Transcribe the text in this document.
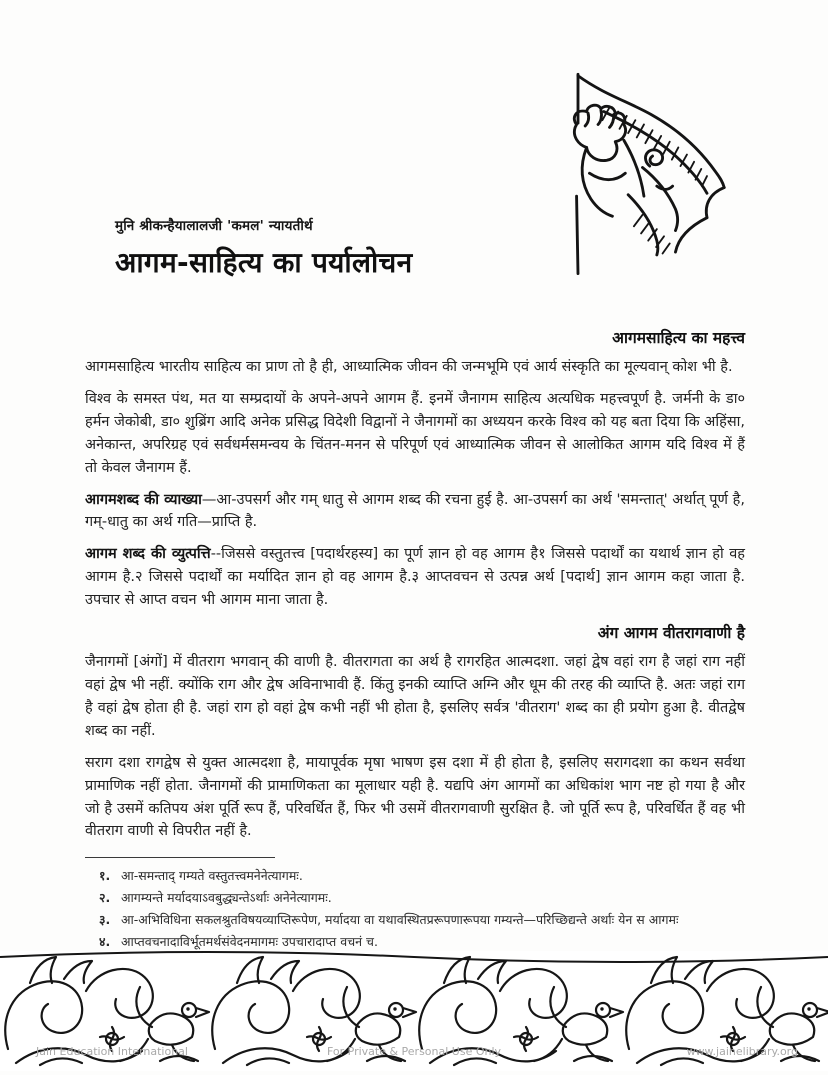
मुनि श्रीकन्हैयालालजी 'कमल' न्यायतीर्थ
आगम-साहित्य का पर्यालोचन
आगमसाहित्य का महत्त्व

आगमसाहित्य भारतीय साहित्य का प्राण तो है ही, आध्यात्मिक जीवन की जन्मभूमि एवं आर्य संस्कृति का मूल्यवान् कोश भी है.

विश्व के समस्त पंथ, मत या सम्प्रदायों के अपने-अपने आगम हैं. इनमें जैनागम साहित्य अत्यधिक महत्त्वपूर्ण है. जर्मनी के डा० हर्मन जेकोबी, डा० शुब्रिंग आदि अनेक प्रसिद्ध विदेशी विद्वानों ने जैनागमों का अध्ययन करके विश्व को यह बता दिया कि अहिंसा, अनेकान्त, अपरिग्रह एवं सर्वधर्मसमन्वय के चिंतन-मनन से परिपूर्ण एवं आध्यात्मिक जीवन से आलोकित आगम यदि विश्व में हैं तो केवल जैनागम हैं.

आगमशब्द की व्याख्या—आ-उपसर्ग और गम् धातु से आगम शब्द की रचना हुई है. आ-उपसर्ग का अर्थ 'समन्तात्' अर्थात् पूर्ण है, गम्-धातु का अर्थ गति—प्राप्ति है.

आगम शब्द की व्युत्पत्ति--जिससे वस्तुतत्त्व [पदार्थरहस्य] का पूर्ण ज्ञान हो वह आगम है१ जिससे पदार्थों का यथार्थ ज्ञान हो वह आगम है.२ जिससे पदार्थों का मर्यादित ज्ञान हो वह आगम है.३ आप्तवचन से उत्पन्न अर्थ [पदार्थ] ज्ञान आगम कहा जाता है. उपचार से आप्त वचन भी आगम माना जाता है.

अंग आगम वीतरागवाणी है

जैनागमों [अंगों] में वीतराग भगवान् की वाणी है. वीतरागता का अर्थ है रागरहित आत्मदशा. जहां द्वेष वहां राग है जहां राग नहीं वहां द्वेष भी नहीं. क्योंकि राग और द्वेष अविनाभावी हैं. किंतु इनकी व्याप्ति अग्नि और धूम की तरह की व्याप्ति है. अतः जहां राग है वहां द्वेष होता ही है. जहां राग हो वहां द्वेष कभी नहीं भी होता है, इसलिए सर्वत्र 'वीतराग' शब्द का ही प्रयोग हुआ है. वीतद्वेष शब्द का नहीं.

सराग दशा रागद्वेष से युक्त आत्मदशा है, मायापूर्वक मृषा भाषण इस दशा में ही होता है, इसलिए सरागदशा का कथन सर्वथा प्रामाणिक नहीं होता. जैनागमों की प्रामाणिकता का मूलाधार यही है. यद्यपि अंग आगमों का अधिकांश भाग नष्ट हो गया है और जो है उसमें कतिपय अंश पूर्ति रूप हैं, परिवर्धित हैं, फिर भी उसमें वीतरागवाणी सुरक्षित है. जो पूर्ति रूप है, परिवर्धित हैं वह भी वीतराग वाणी से विपरीत नहीं है.

१. आ-समन्ताद् गम्यते वस्तुतत्त्वमनेनेत्यागमः.
२. आगम्यन्ते मर्यादयाऽवबुद्ध्यन्तेऽर्थाः अनेनेत्यागमः.
३. आ-अभिविधिना सकलश्रुतविषयव्याप्तिरूपेण, मर्यादया वा यथावस्थितप्ररूपणारूपया गम्यन्ते—परिच्छिद्यन्ते अर्थाः येन स आगमः
४. आप्तवचनादाविर्भूतमर्थसंवेदनमागमः उपचारादाप्त वचनं च.
Jain Education International	For Private & Personal Use Only	www.jainelibrary.org
